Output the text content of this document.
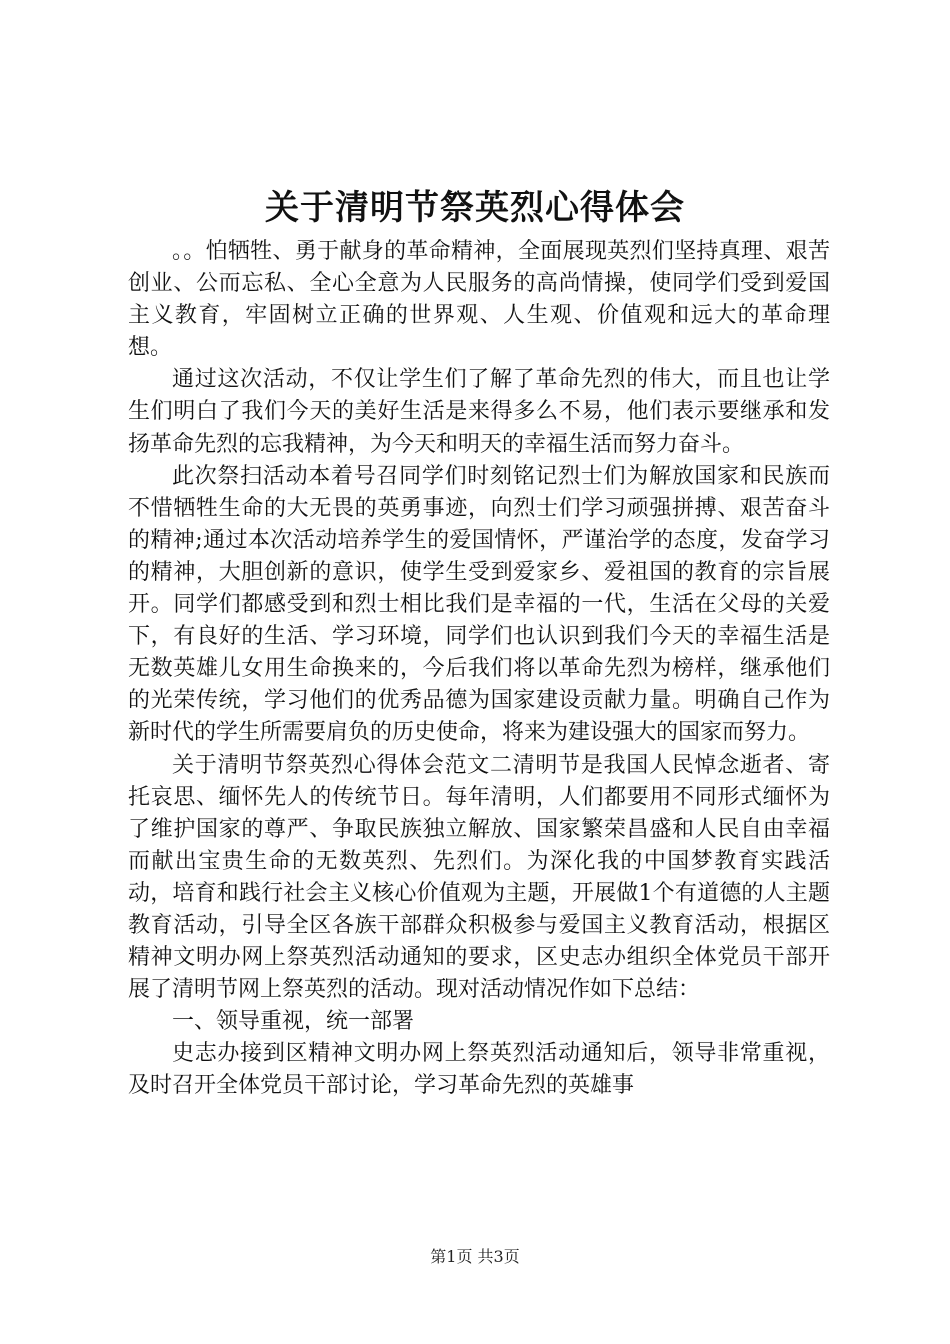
关于清明节祭英烈心得体会

。。怕牺牲、勇于献身的革命精神，全面展现英烈们坚持真理、艰苦创业、公而忘私、全心全意为人民服务的高尚情操，使同学们受到爱国主义教育，牢固树立正确的世界观、人生观、价值观和远大的革命理想。

通过这次活动，不仅让学生们了解了革命先烈的伟大，而且也让学生们明白了我们今天的美好生活是来得多么不易，他们表示要继承和发扬革命先烈的忘我精神，为今天和明天的幸福生活而努力奋斗。

此次祭扫活动本着号召同学们时刻铭记烈士们为解放国家和民族而不惜牺牲生命的大无畏的英勇事迹，向烈士们学习顽强拼搏、艰苦奋斗的精神;通过本次活动培养学生的爱国情怀，严谨治学的态度，发奋学习的精神，大胆创新的意识，使学生受到爱家乡、爱祖国的教育的宗旨展开。同学们都感受到和烈士相比我们是幸福的一代，生活在父母的关爱下，有良好的生活、学习环境，同学们也认识到我们今天的幸福生活是无数英雄儿女用生命换来的，今后我们将以革命先烈为榜样，继承他们的光荣传统，学习他们的优秀品德为国家建设贡献力量。明确自己作为新时代的学生所需要肩负的历史使命，将来为建设强大的国家而努力。

关于清明节祭英烈心得体会范文二清明节是我国人民悼念逝者、寄托哀思、缅怀先人的传统节日。每年清明，人们都要用不同形式缅怀为了维护国家的尊严、争取民族独立解放、国家繁荣昌盛和人民自由幸福而献出宝贵生命的无数英烈、先烈们。为深化我的中国梦教育实践活动，培育和践行社会主义核心价值观为主题，开展做1个有道德的人主题教育活动，引导全区各族干部群众积极参与爱国主义教育活动，根据区精神文明办网上祭英烈活动通知的要求，区史志办组织全体党员干部开展了清明节网上祭英烈的活动。现对活动情况作如下总结：

一、领导重视，统一部署

史志办接到区精神文明办网上祭英烈活动通知后，领导非常重视，及时召开全体党员干部讨论，学习革命先烈的英雄事

第1页 共3页
